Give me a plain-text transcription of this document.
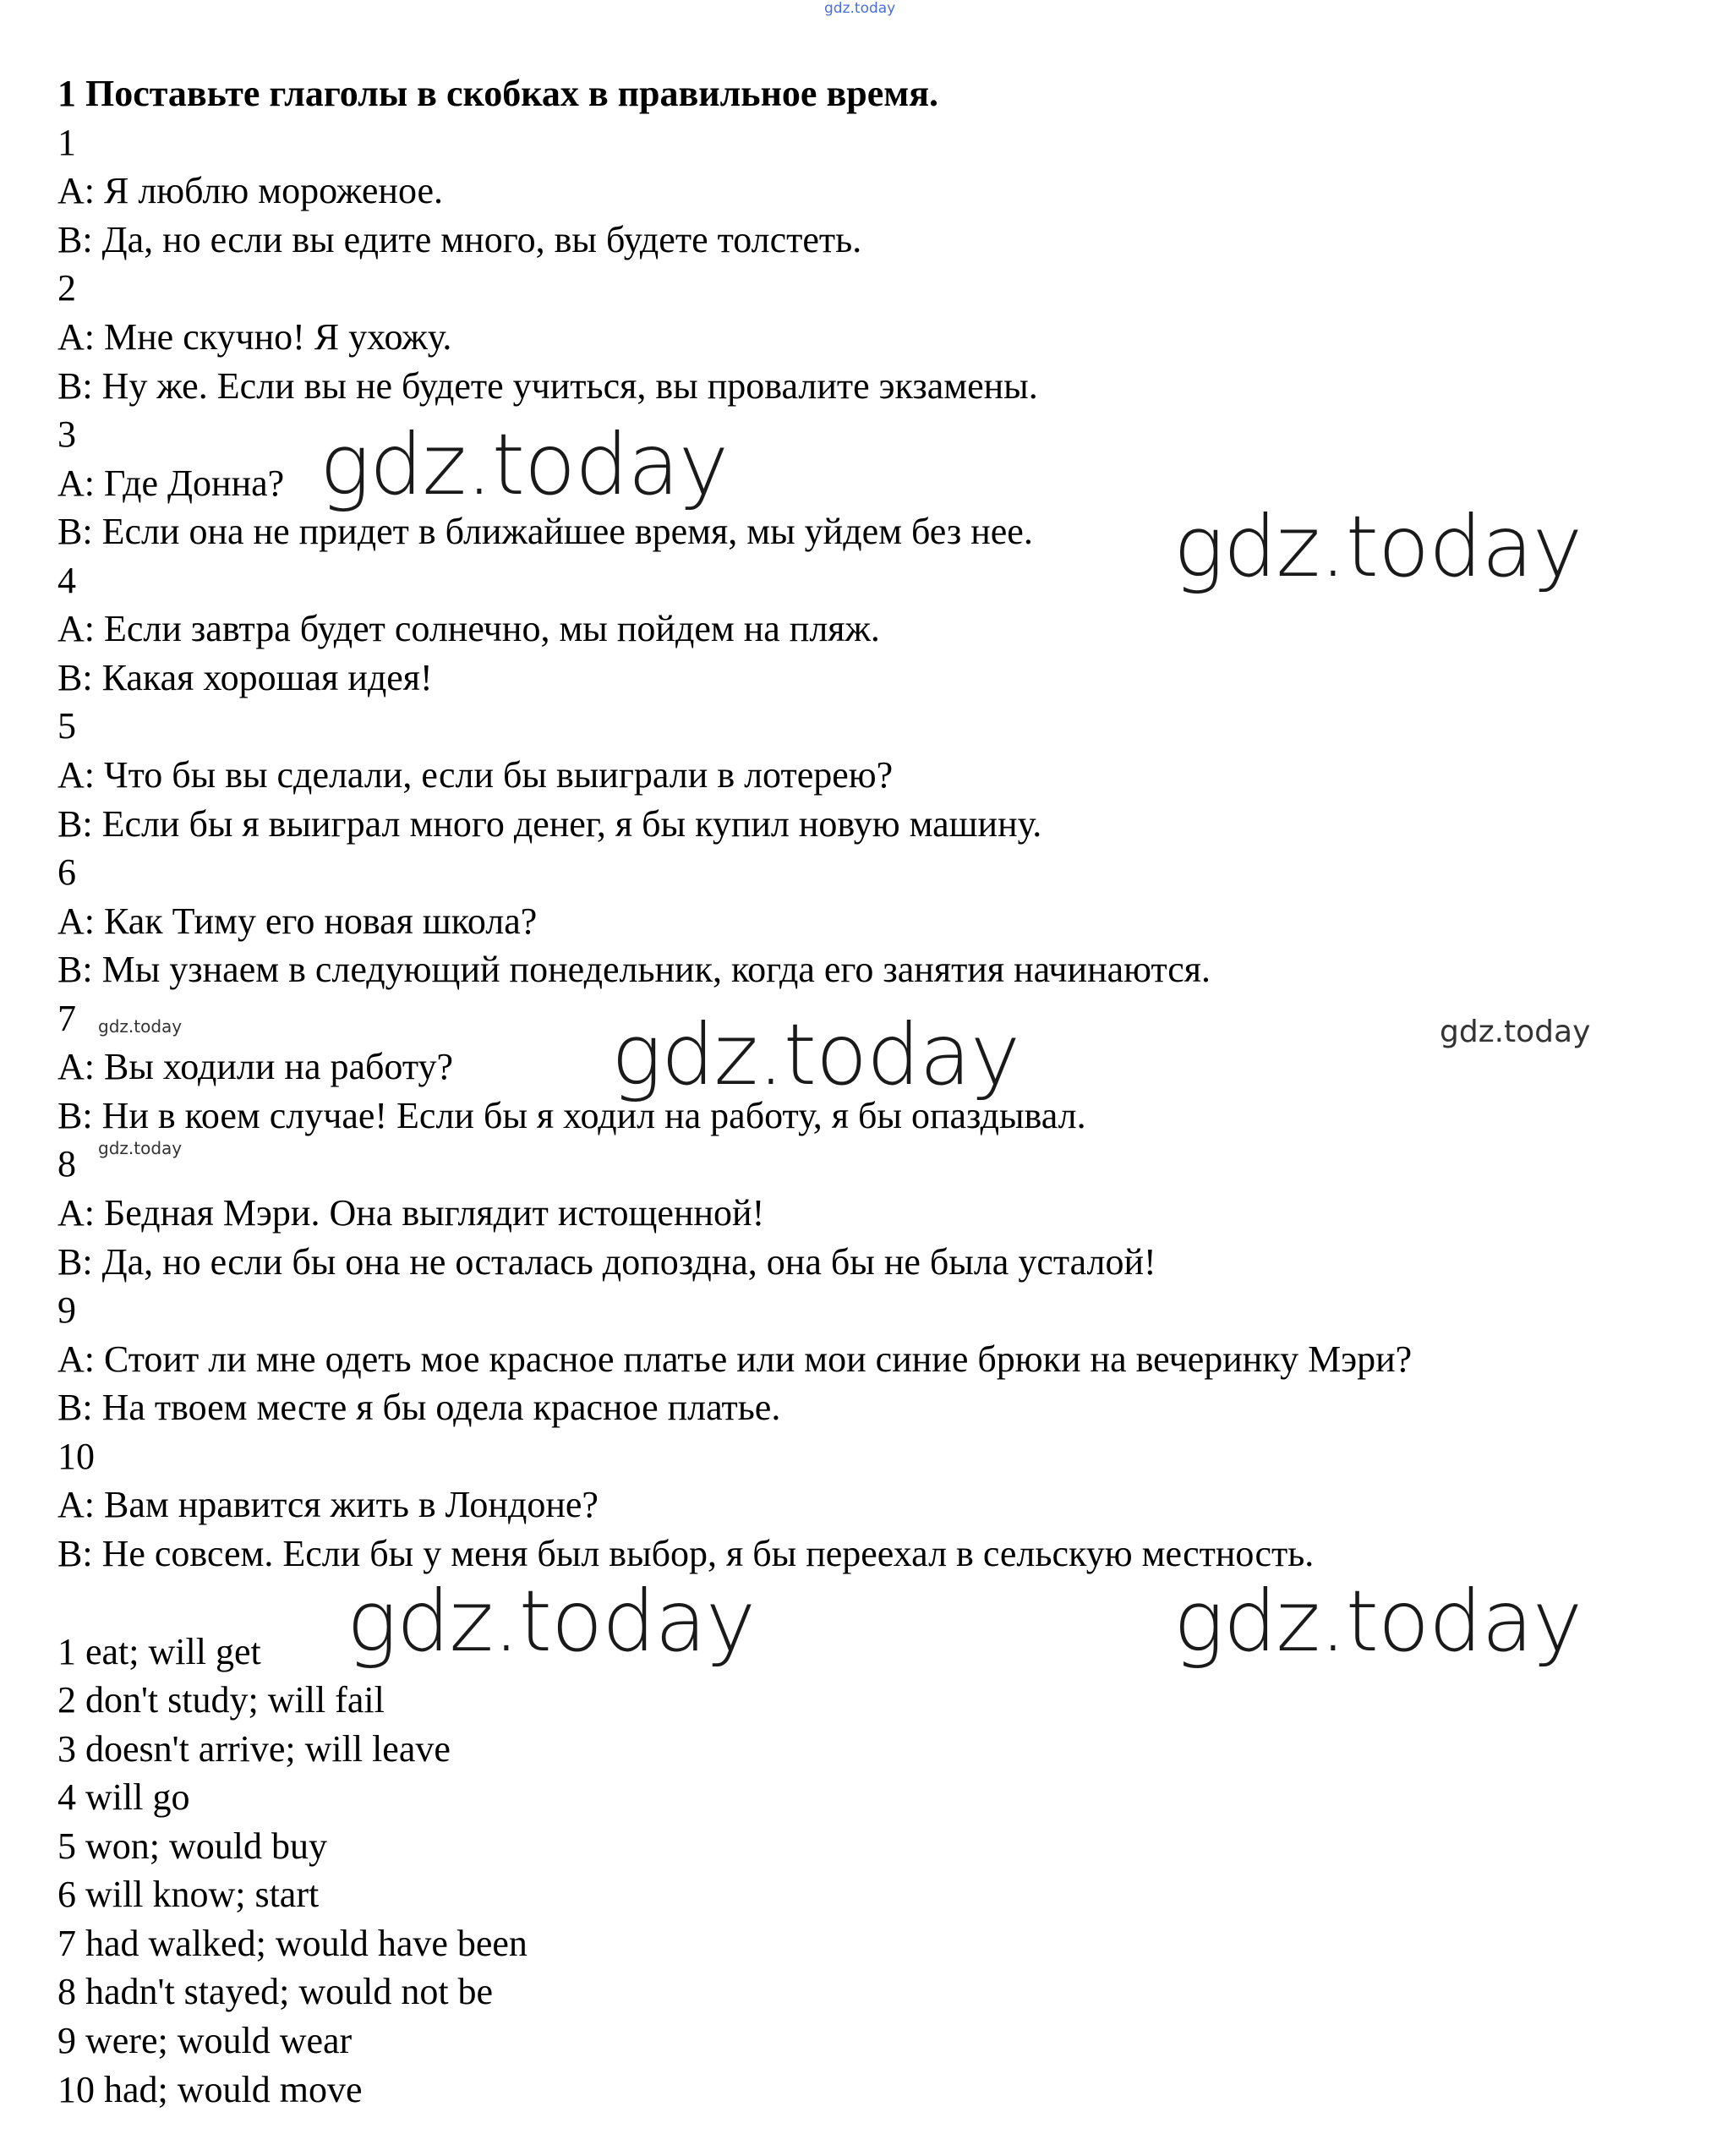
gdz.today

1 Поставьте глаголы в скобках в правильное время.

1

A: Я люблю мороженое.

B: Да, но если вы едите много, вы будете толстеть.

2

A: Мне скучно! Я ухожу.

B: Ну же. Если вы не будете учиться, вы провалите экзамены.

3

A: Где Донна?

B: Если она не придет в ближайшее время, мы уйдем без нее.

4

A: Если завтра будет солнечно, мы пойдем на пляж.

B: Какая хорошая идея!

5

A: Что бы вы сделали, если бы выиграли в лотерею?

B: Если бы я выиграл много денег, я бы купил новую машину.

6

A: Как Тиму его новая школа?

B: Мы узнаем в следующий понедельник, когда его занятия начинаются.

7

A: Вы ходили на работу?

B: Ни в коем случае! Если бы я ходил на работу, я бы опаздывал.

8

A: Бедная Мэри. Она выглядит истощенной!

B: Да, но если бы она не осталась допоздна, она бы не была усталой!

9

A: Стоит ли мне одеть мое красное платье или мои синие брюки на вечеринку Мэри?

B: На твоем месте я бы одела красное платье.

10

A: Вам нравится жить в Лондоне?

B: Не совсем. Если бы у меня был выбор, я бы переехал в сельскую местность.

1 eat; will get

2 don't study; will fail

3 doesn't arrive; will leave

4 will go

5 won; would buy

6 will know; start

7 had walked; would have been

8 hadn't stayed; would not be

9 were; would wear

10 had; would move

gdz.today
gdz.today
gdz.today	gdz.today	gdz.today
gdz.today
gdz.today	gdz.today
